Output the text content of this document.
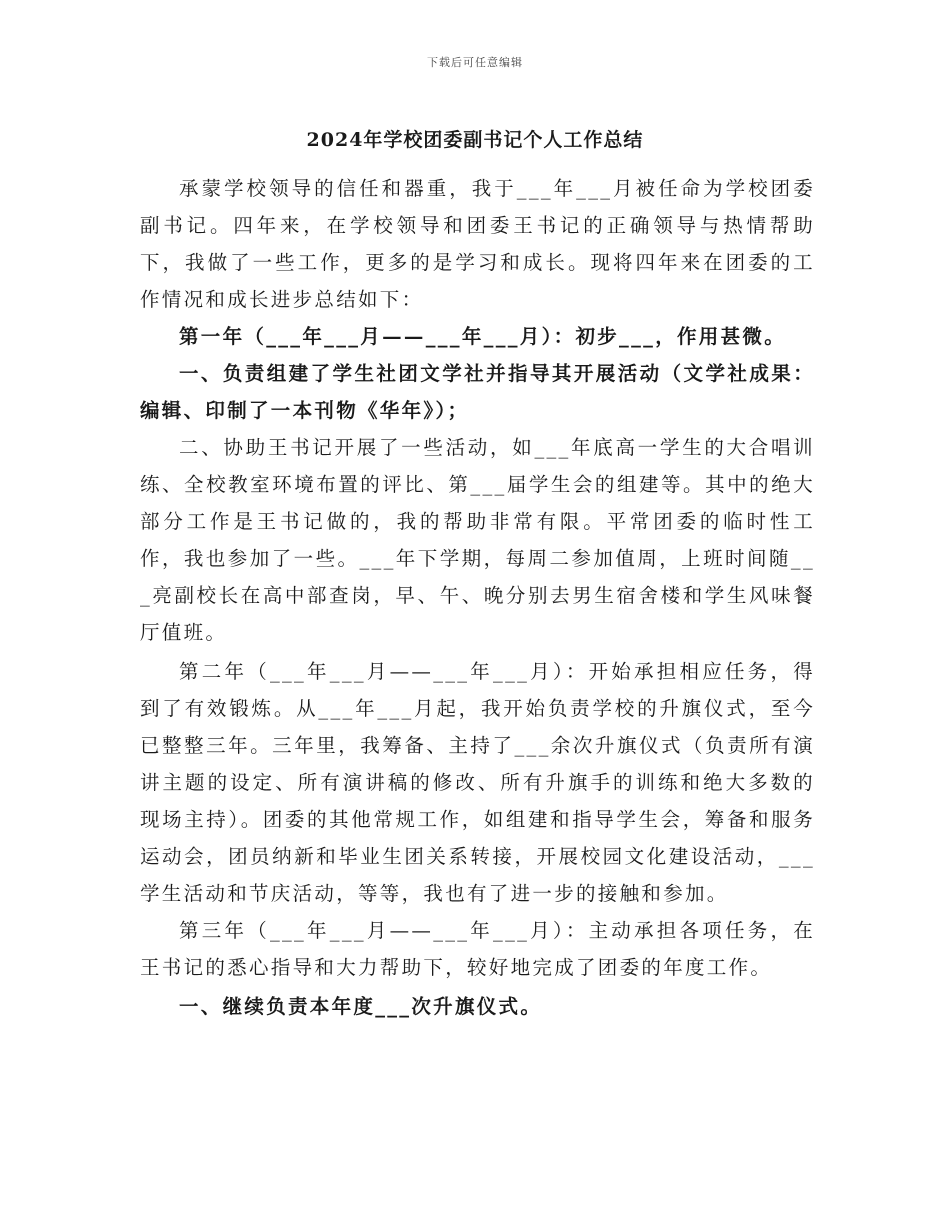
下载后可任意编辑
2024年学校团委副书记个人工作总结

承蒙学校领导的信任和器重，我于___年___月被任命为学校团委副书记。四年来，在学校领导和团委王书记的正确领导与热情帮助下，我做了一些工作，更多的是学习和成长。现将四年来在团委的工作情况和成长进步总结如下：

第一年（___年___月——___年___月）：初步___，作用甚微。

一、负责组建了学生社团文学社并指导其开展活动（文学社成果：编辑、印制了一本刊物《华年》）；

二、协助王书记开展了一些活动，如___年底高一学生的大合唱训练、全校教室环境布置的评比、第___届学生会的组建等。其中的绝大部分工作是王书记做的，我的帮助非常有限。平常团委的临时性工作，我也参加了一些。___年下学期，每周二参加值周，上班时间随___亮副校长在高中部查岗，早、午、晚分别去男生宿舍楼和学生风味餐厅值班。

第二年（___年___月——___年___月）：开始承担相应任务，得到了有效锻炼。从___年___月起，我开始负责学校的升旗仪式，至今已整整三年。三年里，我筹备、主持了___余次升旗仪式（负责所有演讲主题的设定、所有演讲稿的修改、所有升旗手的训练和绝大多数的现场主持）。团委的其他常规工作，如组建和指导学生会，筹备和服务运动会，团员纳新和毕业生团关系转接，开展校园文化建设活动，___学生活动和节庆活动，等等，我也有了进一步的接触和参加。

第三年（___年___月——___年___月）：主动承担各项任务，在王书记的悉心指导和大力帮助下，较好地完成了团委的年度工作。

一、继续负责本年度___次升旗仪式。
